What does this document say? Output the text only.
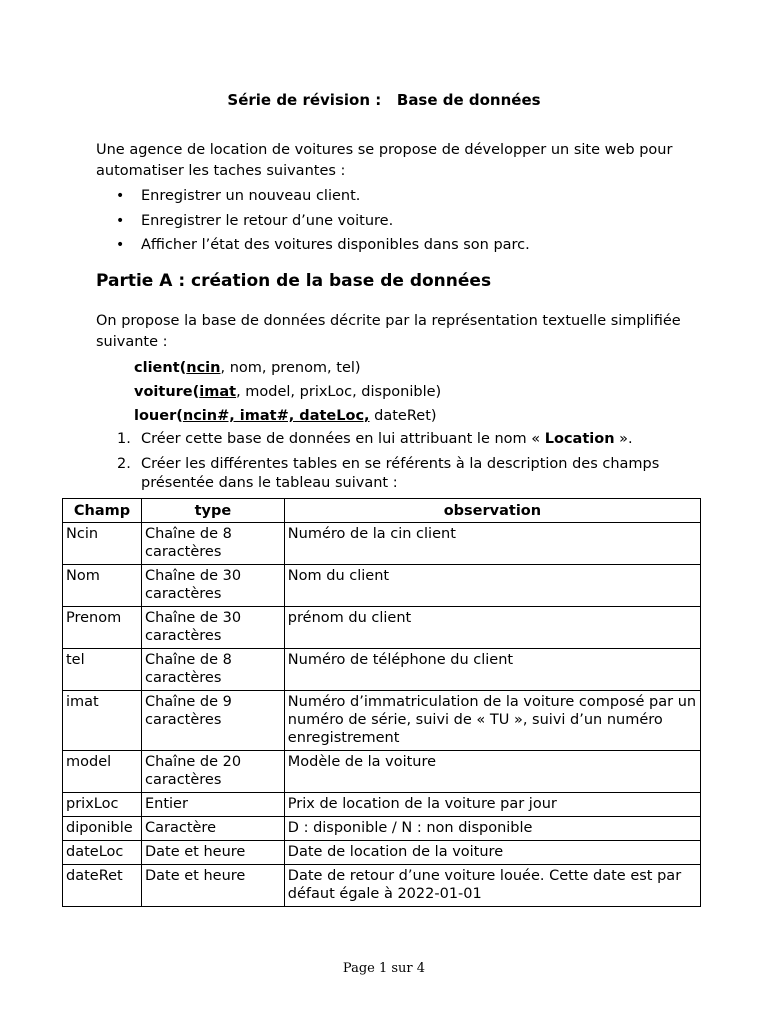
Série de révision :   Base de données

Une agence de location de voitures se propose de développer un site web pour automatiser les taches suivantes :

• Enregistrer un nouveau client.
• Enregistrer le retour d’une voiture.
• Afficher l’état des voitures disponibles dans son parc.
Partie A : création de la base de données

On propose la base de données décrite par la représentation textuelle simplifiée suivante :

client(ncin, nom, prenom, tel)
voiture(imat, model, prixLoc, disponible)
louer(ncin#, imat#, dateLoc, dateRet)
1. Créer cette base de données en lui attribuant le nom « Location ».
2. Créer les différentes tables en se référents à la description des champs présentée dans le tableau suivant :
Champ	type	observation
Ncin	Chaîne de 8 caractères	Numéro de la cin client
Nom	Chaîne de 30 caractères	Nom du client
Prenom	Chaîne de 30 caractères	prénom du client
tel	Chaîne de 8 caractères	Numéro de téléphone du client
imat	Chaîne de 9 caractères	Numéro d’immatriculation de la voiture composé par un numéro de série, suivi de « TU », suivi d’un numéro enregistrement
model	Chaîne de 20 caractères	Modèle de la voiture
prixLoc	Entier	Prix de location de la voiture par jour
diponible	Caractère	D : disponible / N : non disponible
dateLoc	Date et heure	Date de location de la voiture
dateRet	Date et heure	Date de retour d’une voiture louée. Cette date est par défaut égale à 2022-01-01
Page 1 sur 4
